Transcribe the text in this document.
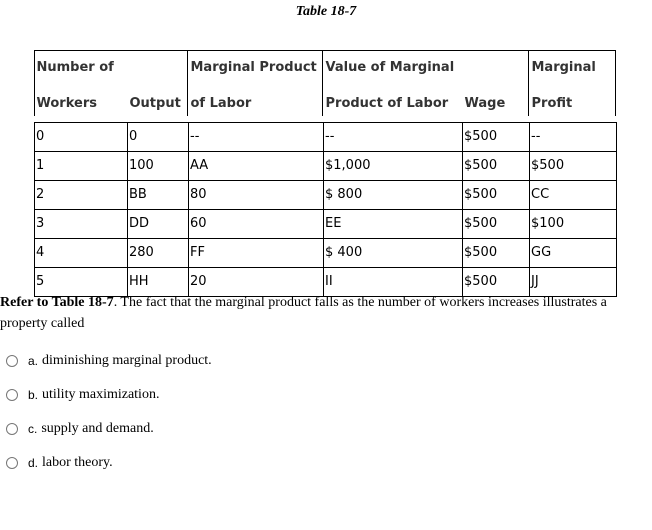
Table 18-7
Number of		Marginal Product	Value of Marginal		Marginal
Workers	Output	of Labor	Product of Labor	Wage	Profit
0	0	--	--	$500	--
1	100	AA	$1,000	$500	$500
2	BB	80	$ 800	$500	CC
3	DD	60	EE	$500	$100
4	280	FF	$ 400	$500	GG
5	HH	20	II	$500	JJ
Refer to Table 18-7. The fact that the marginal product falls as the number of workers increases illustrates a property called
a. diminishing marginal product.
b. utility maximization.
c. supply and demand.
d. labor theory.
